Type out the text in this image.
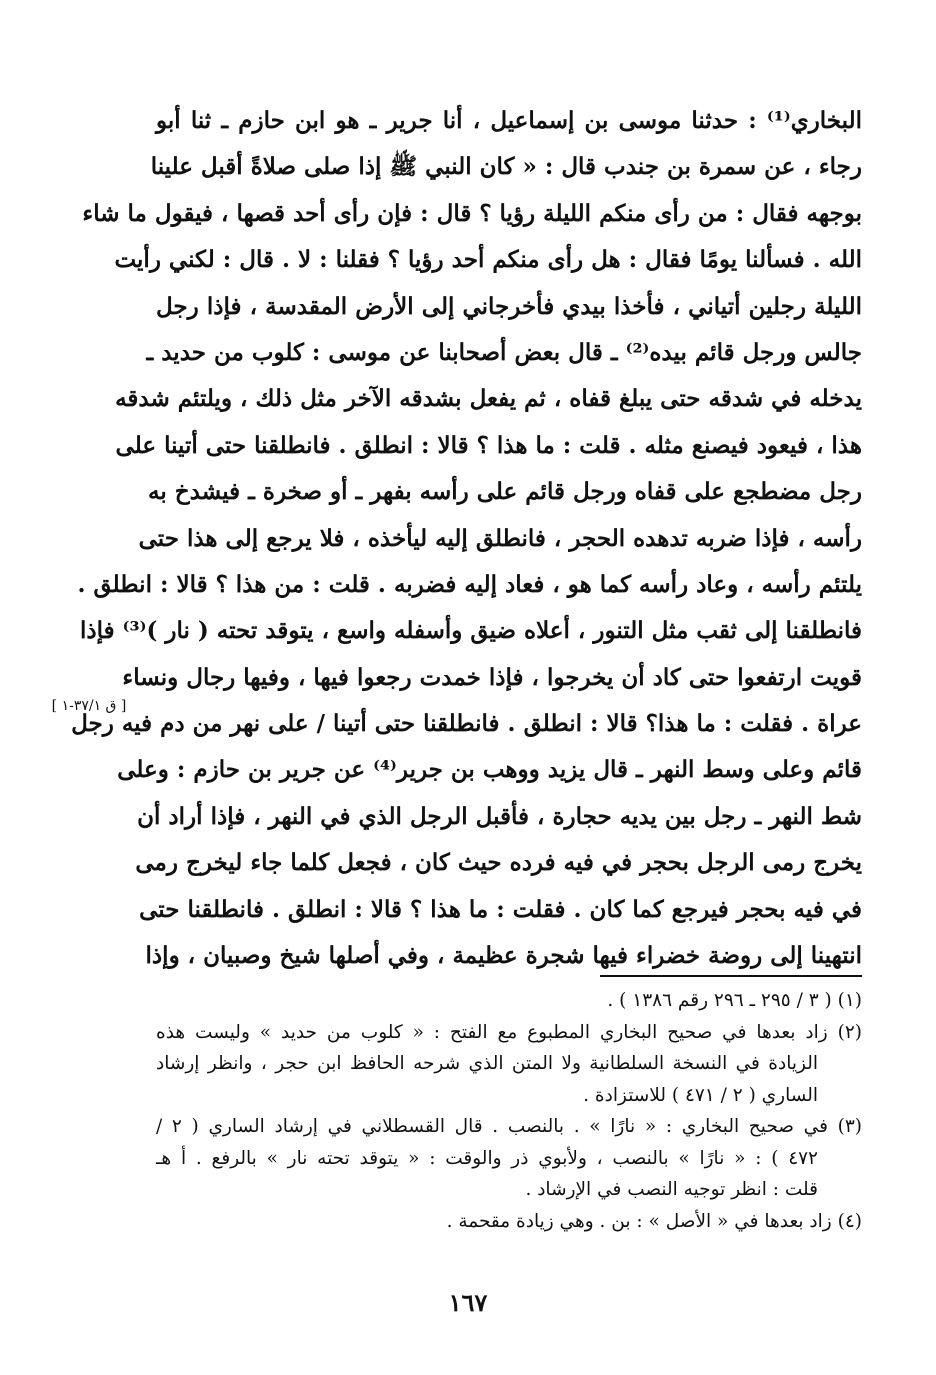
البخاري⁽¹⁾ : حدثنا موسى بن إسماعيل ، أنا جرير ـ هو ابن حازم ـ ثنا أبو
رجاء ، عن سمرة بن جندب قال : « كان النبي ﷺ إذا صلى صلاةً أقبل علينا
بوجهه فقال : من رأى منكم الليلة رؤيا ؟ قال : فإن رأى أحد قصها ، فيقول ما شاء
الله . فسألنا يومًا فقال : هل رأى منكم أحد رؤيا ؟ فقلنا : لا . قال : لكني رأيت
الليلة رجلين أتياني ، فأخذا بيدي فأخرجاني إلى الأرض المقدسة ، فإذا رجل
جالس ورجل قائم بيده⁽²⁾ ـ قال بعض أصحابنا عن موسى : كلوب من حديد ـ
يدخله في شدقه حتى يبلغ قفاه ، ثم يفعل بشدقه الآخر مثل ذلك ، ويلتئم شدقه
هذا ، فيعود فيصنع مثله . قلت : ما هذا ؟ قالا : انطلق . فانطلقنا حتى أتينا على
رجل مضطجع على قفاه ورجل قائم على رأسه بفهر ـ أو صخرة ـ فيشدخ به
رأسه ، فإذا ضربه تدهده الحجر ، فانطلق إليه ليأخذه ، فلا يرجع إلى هذا حتى
يلتئم رأسه ، وعاد رأسه كما هو ، فعاد إليه فضربه . قلت : من هذا ؟ قالا : انطلق .
فانطلقنا إلى ثقب مثل التنور ، أعلاه ضيق وأسفله واسع ، يتوقد تحته ( نار )⁽³⁾ فإذا
قويت ارتفعوا حتى كاد أن يخرجوا ، فإذا خمدت رجعوا فيها ، وفيها رجال ونساء
عراة . فقلت : ما هذا؟ قالا : انطلق . فانطلقنا حتى أتينا / على نهر من دم فيه رجل
قائم وعلى وسط النهر ـ قال يزيد ووهب بن جرير⁽⁴⁾ عن جرير بن حازم : وعلى
شط النهر ـ رجل بين يديه حجارة ، فأقبل الرجل الذي في النهر ، فإذا أراد أن
يخرج رمى الرجل بحجر في فيه فرده حيث كان ، فجعل كلما جاء ليخرج رمى
في فيه بحجر فيرجع كما كان . فقلت : ما هذا ؟ قالا : انطلق . فانطلقنا حتى
انتهينا إلى روضة خضراء فيها شجرة عظيمة ، وفي أصلها شيخ وصبيان ، وإذا
[ ق ٣٧/١-١ ]
(١) ( ٣ / ٢٩٥ ـ ٢٩٦ رقم ١٣٨٦ ) .
(٢) زاد بعدها في صحيح البخاري المطبوع مع الفتح : « كلوب من حديد » وليست هذه
الزيادة في النسخة السلطانية ولا المتن الذي شرحه الحافظ ابن حجر ، وانظر إرشاد
الساري ( ٢ / ٤٧١ ) للاستزادة .
(٣) في صحيح البخاري : « نارًا » . بالنصب . قال القسطلاني في إرشاد الساري ( ٢ /
٤٧٢ ) : « نارًا » بالنصب ، ولأبوي ذر والوقت : « يتوقد تحته نار » بالرفع . أ هـ
قلت : انظر توجيه النصب في الإرشاد .
(٤) زاد بعدها في « الأصل » : بن . وهي زيادة مقحمة .
١٦٧
